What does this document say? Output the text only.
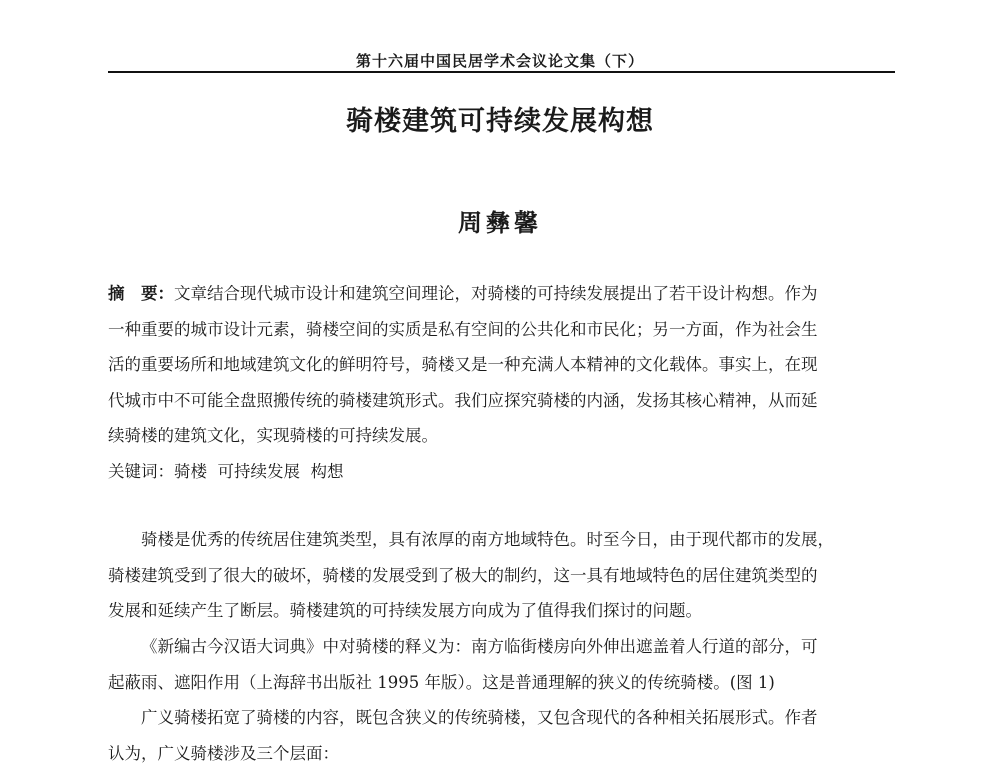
第十六届中国民居学术会议论文集（下）
骑楼建筑可持续发展构想
周彝馨
摘　要：文章结合现代城市设计和建筑空间理论，对骑楼的可持续发展提出了若干设计构想。作为
一种重要的城市设计元素，骑楼空间的实质是私有空间的公共化和市民化；另一方面，作为社会生
活的重要场所和地域建筑文化的鲜明符号，骑楼又是一种充满人本精神的文化载体。事实上，在现
代城市中不可能全盘照搬传统的骑楼建筑形式。我们应探究骑楼的内涵，发扬其核心精神，从而延
续骑楼的建筑文化，实现骑楼的可持续发展。
关键词：骑楼  可持续发展  构想
骑楼是优秀的传统居住建筑类型，具有浓厚的南方地域特色。时至今日，由于现代都市的发展，
骑楼建筑受到了很大的破坏，骑楼的发展受到了极大的制约，这一具有地域特色的居住建筑类型的
发展和延续产生了断层。骑楼建筑的可持续发展方向成为了值得我们探讨的问题。
《新编古今汉语大词典》中对骑楼的释义为：南方临街楼房向外伸出遮盖着人行道的部分，可
起蔽雨、遮阳作用（上海辞书出版社 1995 年版）。这是普通理解的狭义的传统骑楼。(图 1)
广义骑楼拓宽了骑楼的内容，既包含狭义的传统骑楼，又包含现代的各种相关拓展形式。作者
认为，广义骑楼涉及三个层面：
